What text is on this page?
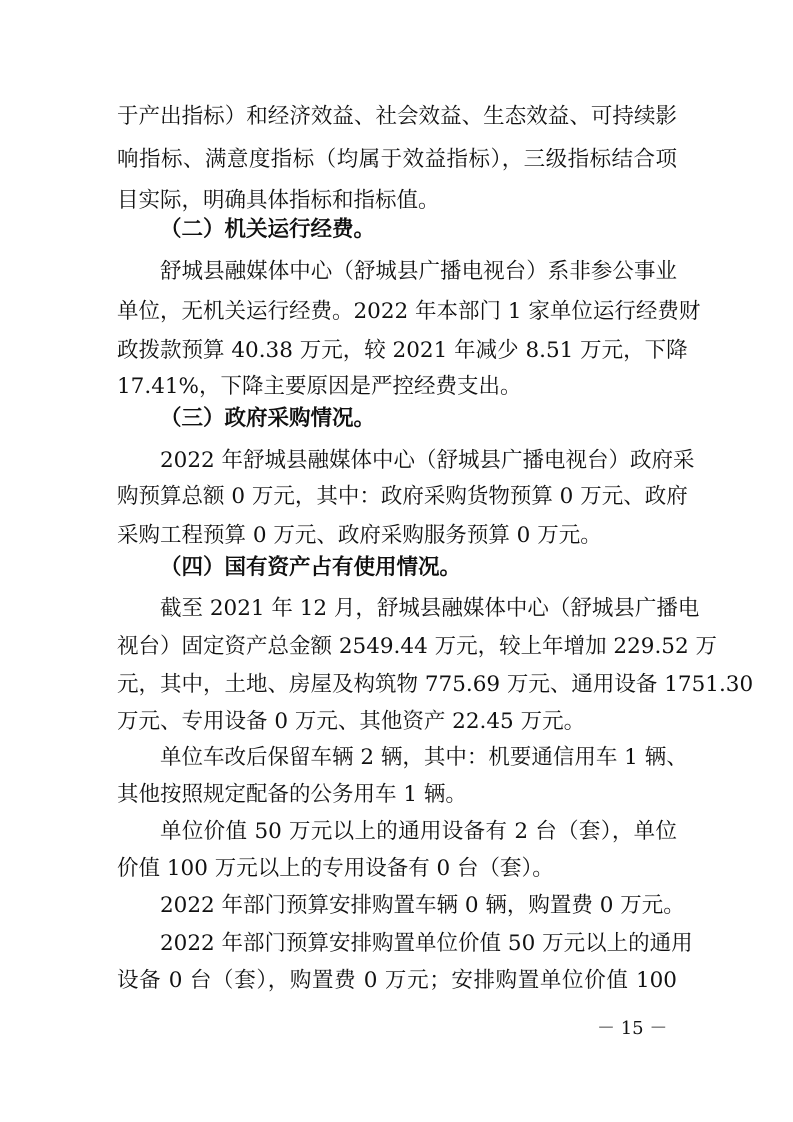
于产出指标）和经济效益、社会效益、生态效益、可持续影
响指标、满意度指标（均属于效益指标），三级指标结合项
目实际，明确具体指标和指标值。
（二）机关运行经费。
舒城县融媒体中心（舒城县广播电视台）系非参公事业
单位，无机关运行经费。2022 年本部门 1 家单位运行经费财
政拨款预算 40.38 万元，较 2021 年减少 8.51 万元，下降
17.41%，下降主要原因是严控经费支出。
（三）政府采购情况。
2022 年舒城县融媒体中心（舒城县广播电视台）政府采
购预算总额 0 万元，其中：政府采购货物预算 0 万元、政府
采购工程预算 0 万元、政府采购服务预算 0 万元。
（四）国有资产占有使用情况。
截至 2021 年 12 月，舒城县融媒体中心（舒城县广播电
视台）固定资产总金额 2549.44 万元，较上年增加 229.52 万
元，其中，土地、房屋及构筑物 775.69 万元、通用设备 1751.30
万元、专用设备 0 万元、其他资产 22.45 万元。
单位车改后保留车辆 2 辆，其中：机要通信用车 1 辆、
其他按照规定配备的公务用车 1 辆。
单位价值 50 万元以上的通用设备有 2 台（套），单位
价值 100 万元以上的专用设备有 0 台（套）。
2022 年部门预算安排购置车辆 0 辆，购置费 0 万元。
2022 年部门预算安排购置单位价值 50 万元以上的通用
设备 0 台（套），购置费 0 万元；安排购置单位价值 100
－ 15 －
